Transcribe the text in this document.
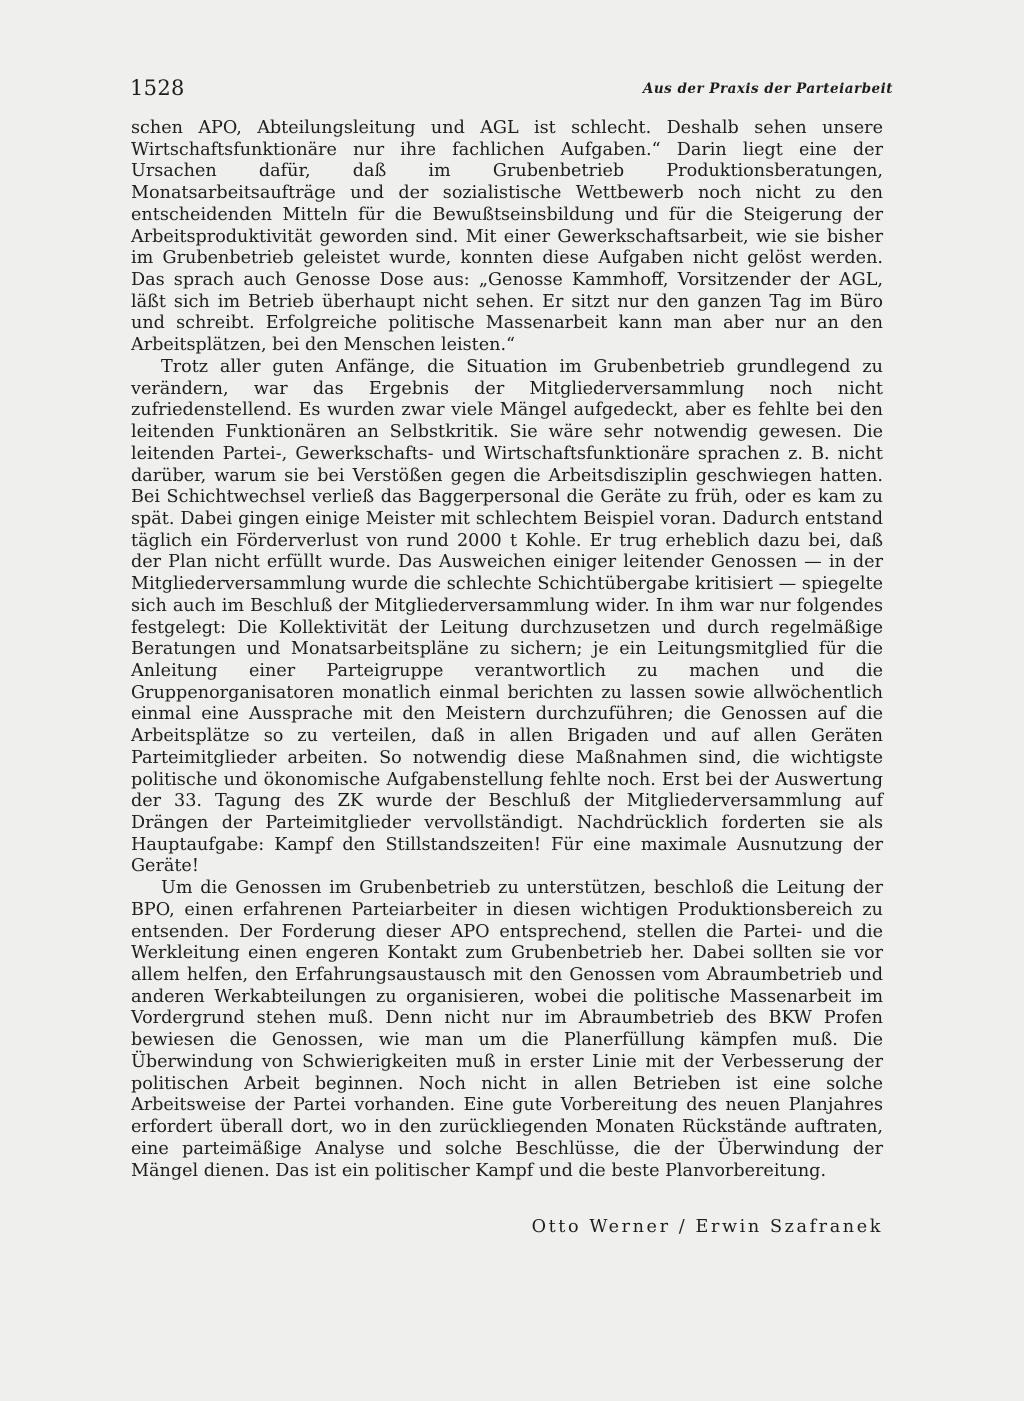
1528	Aus der Praxis der Parteiarbeit

schen APO, Abteilungsleitung und AGL ist schlecht. Deshalb sehen unsere Wirtschaftsfunktionäre nur ihre fachlichen Aufgaben.“ Darin liegt eine der Ursachen dafür, daß im Grubenbetrieb Produktionsberatungen, Monatsarbeitsaufträge und der sozialistische Wettbewerb noch nicht zu den entscheidenden Mitteln für die Bewußtseinsbildung und für die Steigerung der Arbeitsproduktivität geworden sind. Mit einer Gewerkschaftsarbeit, wie sie bisher im Grubenbetrieb geleistet wurde, konnten diese Aufgaben nicht gelöst werden. Das sprach auch Genosse Dose aus: „Genosse Kammhoff, Vorsitzender der AGL, läßt sich im Betrieb überhaupt nicht sehen. Er sitzt nur den ganzen Tag im Büro und schreibt. Erfolgreiche politische Massenarbeit kann man aber nur an den Arbeitsplätzen, bei den Menschen leisten.“

Trotz aller guten Anfänge, die Situation im Grubenbetrieb grundlegend zu verändern, war das Ergebnis der Mitgliederversammlung noch nicht zufriedenstellend. Es wurden zwar viele Mängel aufgedeckt, aber es fehlte bei den leitenden Funktionären an Selbstkritik. Sie wäre sehr notwendig gewesen. Die leitenden Partei-, Gewerkschafts- und Wirtschaftsfunktionäre sprachen z. B. nicht darüber, warum sie bei Verstößen gegen die Arbeitsdisziplin geschwiegen hatten. Bei Schichtwechsel verließ das Baggerpersonal die Geräte zu früh, oder es kam zu spät. Dabei gingen einige Meister mit schlechtem Beispiel voran. Dadurch entstand täglich ein Förderverlust von rund 2000 t Kohle. Er trug erheblich dazu bei, daß der Plan nicht erfüllt wurde. Das Ausweichen einiger leitender Genossen — in der Mitgliederversammlung wurde die schlechte Schichtübergabe kritisiert — spiegelte sich auch im Beschluß der Mitgliederversammlung wider. In ihm war nur folgendes festgelegt: Die Kollektivität der Leitung durchzusetzen und durch regelmäßige Beratungen und Monatsarbeitspläne zu sichern; je ein Leitungsmitglied für die Anleitung einer Parteigruppe verantwortlich zu machen und die Gruppenorganisatoren monatlich einmal berichten zu lassen sowie allwöchentlich einmal eine Aussprache mit den Meistern durchzuführen; die Genossen auf die Arbeitsplätze so zu verteilen, daß in allen Brigaden und auf allen Geräten Parteimitglieder arbeiten. So notwendig diese Maßnahmen sind, die wichtigste politische und ökonomische Aufgabenstellung fehlte noch. Erst bei der Auswertung der 33. Tagung des ZK wurde der Beschluß der Mitgliederversammlung auf Drängen der Parteimitglieder vervollständigt. Nachdrücklich forderten sie als Hauptaufgabe: Kampf den Stillstandszeiten! Für eine maximale Ausnutzung der Geräte!

Um die Genossen im Grubenbetrieb zu unterstützen, beschloß die Leitung der BPO, einen erfahrenen Parteiarbeiter in diesen wichtigen Produktionsbereich zu entsenden. Der Forderung dieser APO entsprechend, stellen die Partei- und die Werkleitung einen engeren Kontakt zum Grubenbetrieb her. Dabei sollten sie vor allem helfen, den Erfahrungsaustausch mit den Genossen vom Abraumbetrieb und anderen Werkabteilungen zu organisieren, wobei die politische Massenarbeit im Vordergrund stehen muß. Denn nicht nur im Abraumbetrieb des BKW Profen bewiesen die Genossen, wie man um die Planerfüllung kämpfen muß. Die Überwindung von Schwierigkeiten muß in erster Linie mit der Verbesserung der politischen Arbeit beginnen. Noch nicht in allen Betrieben ist eine solche Arbeitsweise der Partei vorhanden. Eine gute Vorbereitung des neuen Planjahres erfordert überall dort, wo in den zurückliegenden Monaten Rückstände auftraten, eine parteimäßige Analyse und solche Beschlüsse, die der Überwindung der Mängel dienen. Das ist ein politischer Kampf und die beste Planvorbereitung.

Otto Werner / Erwin Szafranek
